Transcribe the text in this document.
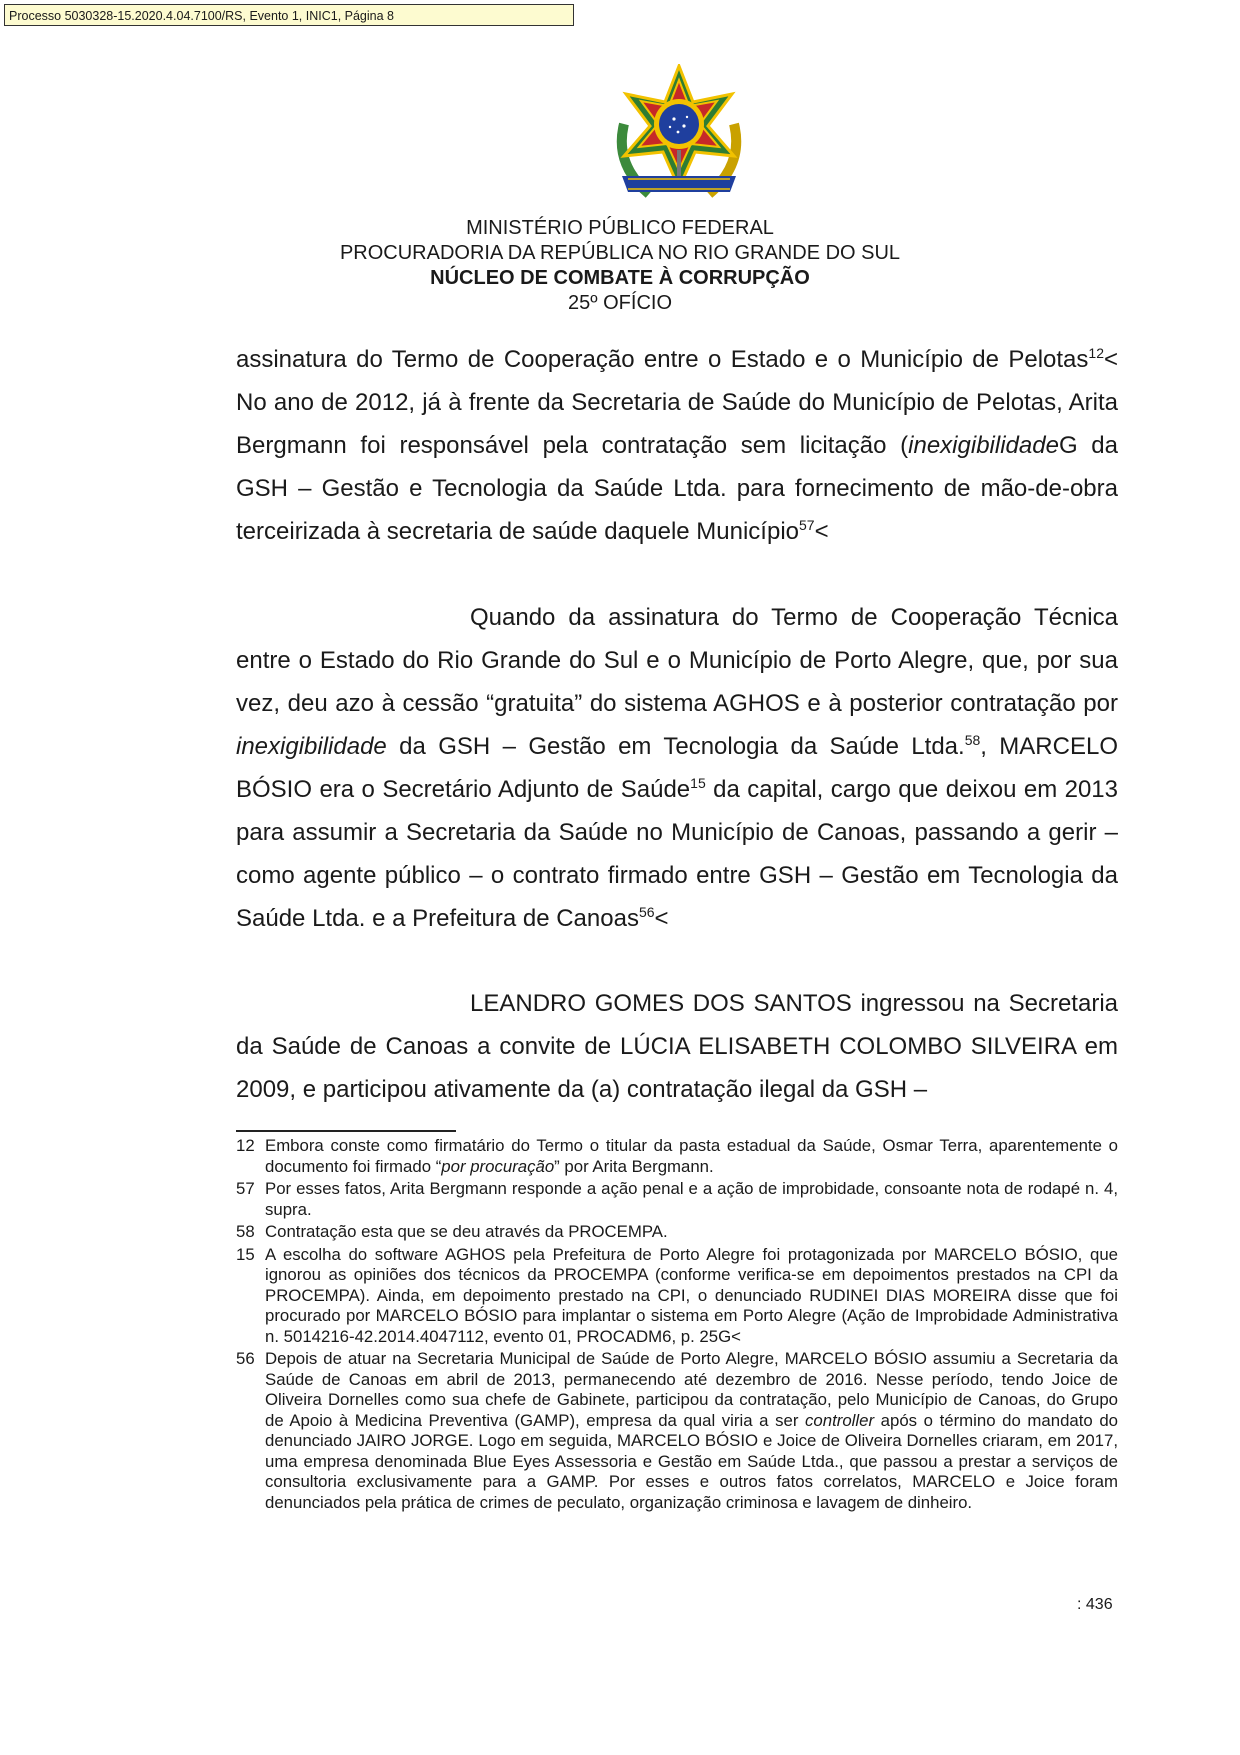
Processo 5030328-15.2020.4.04.7100/RS, Evento 1, INIC1, Página 8
MINISTÉRIO PÚBLICO FEDERAL
PROCURADORIA DA REPÚBLICA NO RIO GRANDE DO SUL
NÚCLEO DE COMBATE À CORRUPÇÃO
25º OFÍCIO
assinatura do Termo de Cooperação entre o Estado e o Município de Pelotas$^{12}$< No ano de 2012, já à frente da Secretaria de Saúde do Município de Pelotas, Arita Bergmann foi responsável pela contratação sem licitação (inexigibilidadeG da GSH – Gestão e Tecnologia da Saúde Ltda. para fornecimento de mão-de-obra terceirizada à secretaria de saúde daquele Município$^{57}$<
Quando da assinatura do Termo de Cooperação Técnica entre o Estado do Rio Grande do Sul e o Município de Porto Alegre, que, por sua vez, deu azo à cessão “gratuita” do sistema AGHOS e à posterior contratação por inexigibilidade da GSH – Gestão em Tecnologia da Saúde Ltda.$^{58}$, MARCELO BÓSIO era o Secretário Adjunto de Saúde$^{15}$ da capital, cargo que deixou em 2013 para assumir a Secretaria da Saúde no Município de Canoas, passando a gerir – como agente público – o contrato firmado entre GSH – Gestão em Tecnologia da Saúde Ltda. e a Prefeitura de Canoas$^{56}$<
LEANDRO GOMES DOS SANTOS ingressou na Secretaria da Saúde de Canoas a convite de LÚCIA ELISABETH COLOMBO SILVEIRA em 2009, e participou ativamente da (a) contratação ilegal da GSH –
12 Embora conste como firmatário do Termo o titular da pasta estadual da Saúde, Osmar Terra, aparentemente o documento foi firmado “por procuração” por Arita Bergmann.
57 Por esses fatos, Arita Bergmann responde a ação penal e a ação de improbidade, consoante nota de rodapé n. 4, supra.
58 Contratação esta que se deu através da PROCEMPA.
15 A escolha do software AGHOS pela Prefeitura de Porto Alegre foi protagonizada por MARCELO BÓSIO, que ignorou as opiniões dos técnicos da PROCEMPA (conforme verifica-se em depoimentos prestados na CPI da PROCEMPA). Ainda, em depoimento prestado na CPI, o denunciado RUDINEI DIAS MOREIRA disse que foi procurado por MARCELO BÓSIO para implantar o sistema em Porto Alegre (Ação de Improbidade Administrativa n. 5014216-42.2014.4047112, evento 01, PROCADM6, p. 25G<
56 Depois de atuar na Secretaria Municipal de Saúde de Porto Alegre, MARCELO BÓSIO assumiu a Secretaria da Saúde de Canoas em abril de 2013, permanecendo até dezembro de 2016. Nesse período, tendo Joice de Oliveira Dornelles como sua chefe de Gabinete, participou da contratação, pelo Município de Canoas, do Grupo de Apoio à Medicina Preventiva (GAMP), empresa da qual viria a ser controller após o término do mandato do denunciado JAIRO JORGE. Logo em seguida, MARCELO BÓSIO e Joice de Oliveira Dornelles criaram, em 2017, uma empresa denominada Blue Eyes Assessoria e Gestão em Saúde Ltda., que passou a prestar a serviços de consultoria exclusivamente para a GAMP. Por esses e outros fatos correlatos, MARCELO e Joice foram denunciados pela prática de crimes de peculato, organização criminosa e lavagem de dinheiro.
: 436
